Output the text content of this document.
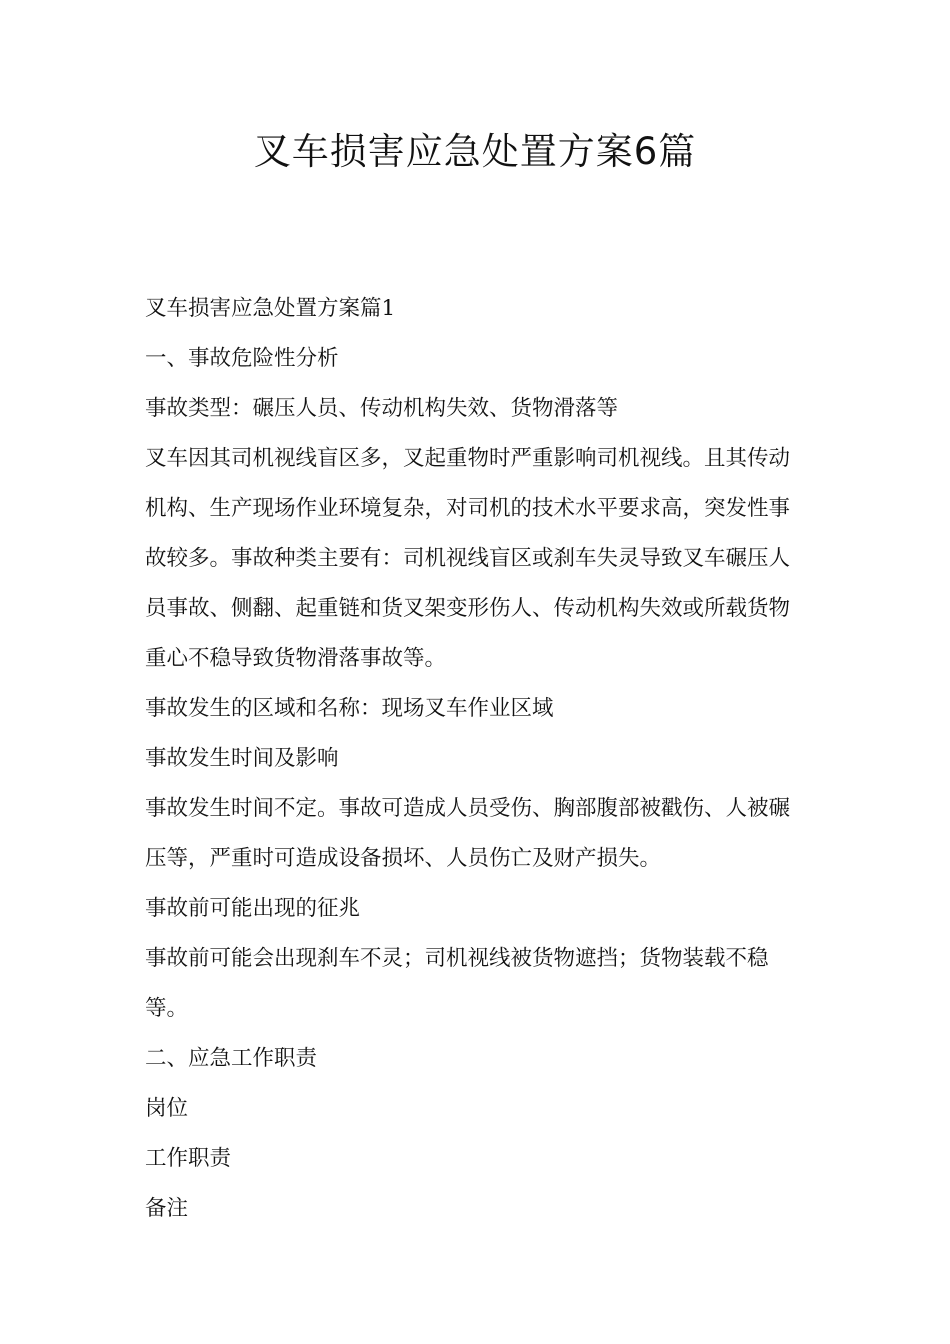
叉车损害应急处置方案6篇

叉车损害应急处置方案篇1

一、事故危险性分析

事故类型：碾压人员、传动机构失效、货物滑落等

叉车因其司机视线盲区多，叉起重物时严重影响司机视线。且其传动机构、生产现场作业环境复杂，对司机的技术水平要求高，突发性事故较多。事故种类主要有：司机视线盲区或刹车失灵导致叉车碾压人员事故、侧翻、起重链和货叉架变形伤人、传动机构失效或所载货物重心不稳导致货物滑落事故等。

事故发生的区域和名称：现场叉车作业区域

事故发生时间及影响

事故发生时间不定。事故可造成人员受伤、胸部腹部被戳伤、人被碾压等，严重时可造成设备损坏、人员伤亡及财产损失。

事故前可能出现的征兆

事故前可能会出现刹车不灵；司机视线被货物遮挡；货物装载不稳等。

二、应急工作职责

岗位

工作职责

备注
